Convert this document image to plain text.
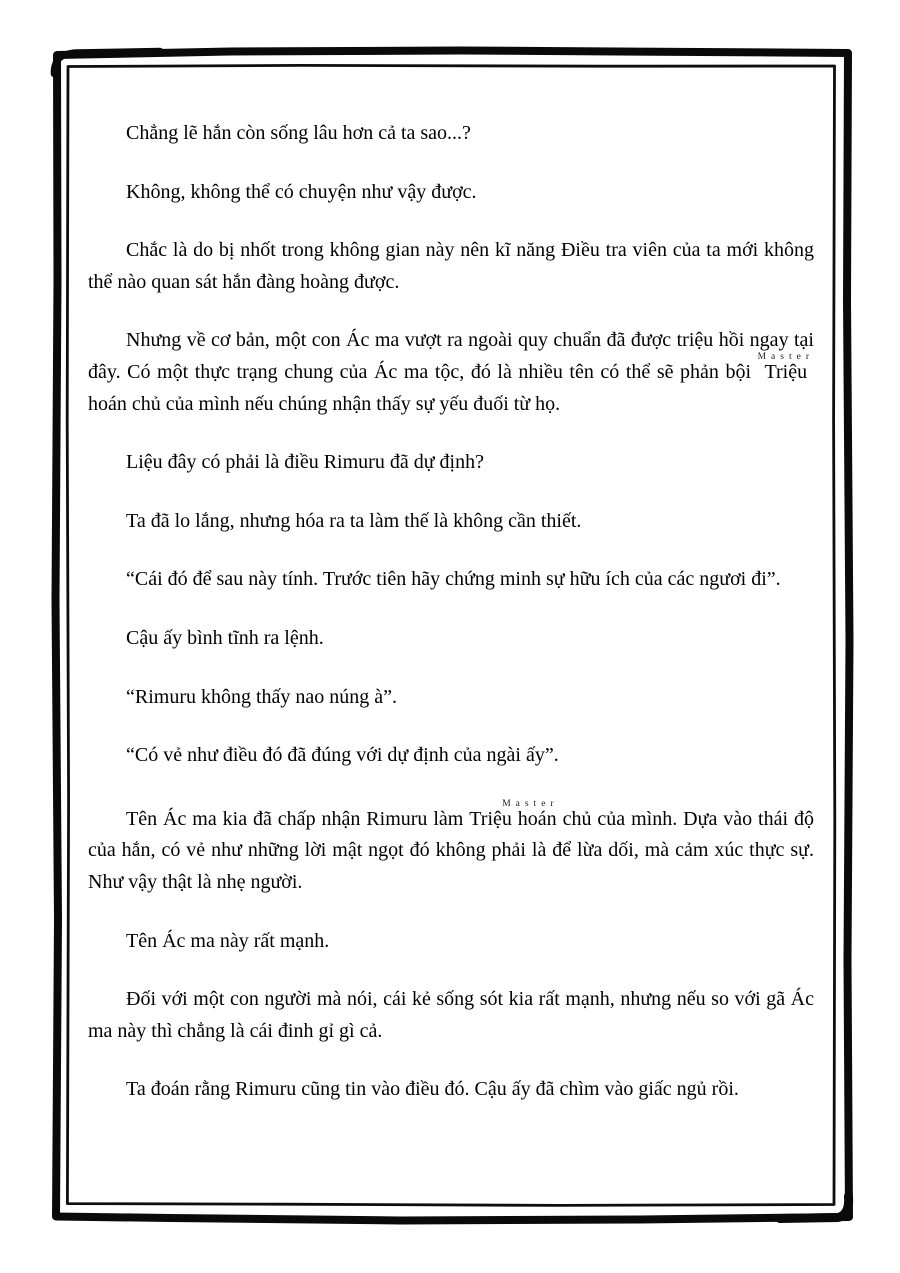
Chẳng lẽ hắn còn sống lâu hơn cả ta sao...?

Không, không thể có chuyện như vậy được.

Chắc là do bị nhốt trong không gian này nên kĩ năng Điều tra viên của ta mới không thể nào quan sát hắn đàng hoàng được.

Nhưng về cơ bản, một con Ác ma vượt ra ngoài quy chuẩn đã được triệu hồi ngay tại đây. Có một thực trạng chung của Ác ma tộc, đó là nhiều tên có thể sẽ phản bội Triệu hoán chủMaster của mình nếu chúng nhận thấy sự yếu đuối từ họ.

Liệu đây có phải là điều Rimuru đã dự định?

Ta đã lo lắng, nhưng hóa ra ta làm thế là không cần thiết.

“Cái đó để sau này tính. Trước tiên hãy chứng minh sự hữu ích của các ngươi đi”.

Cậu ấy bình tĩnh ra lệnh.

“Rimuru không thấy nao núng à”.

“Có vẻ như điều đó đã đúng với dự định của ngài ấy”.

Tên Ác ma kia đã chấp nhận Rimuru làm Triệu hoán chủMaster của mình. Dựa vào thái độ của hắn, có vẻ như những lời mật ngọt đó không phải là để lừa dối, mà cảm xúc thực sự. Như vậy thật là nhẹ người.

Tên Ác ma này rất mạnh.

Đối với một con người mà nói, cái kẻ sống sót kia rất mạnh, nhưng nếu so với gã Ác ma này thì chẳng là cái đinh gỉ gì cả.

Ta đoán rằng Rimuru cũng tin vào điều đó. Cậu ấy đã chìm vào giấc ngủ rồi.
